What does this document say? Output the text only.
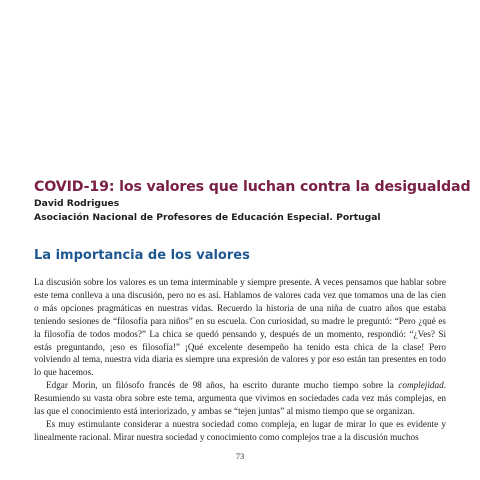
COVID-19: los valores que luchan contra la desigualdad

David Rodrigues

Asociación Nacional de Profesores de Educación Especial. Portugal

La importancia de los valores

La discusión sobre los valores es un tema interminable y siempre presente. A veces pensamos que hablar sobre este tema conlleva a una discusión, pero no es así. Hablamos de valores cada vez que tomamos una de las cien o más opciones pragmáticas en nuestras vidas. Recuerdo la historia de una niña de cuatro años que estaba teniendo sesiones de “filosofía para niños” en su escuela. Con curiosidad, su madre le preguntó: “Pero ¿qué es la filosofía de todos modos?” La chica se quedó pensando y, después de un momento, respondió: “¿Ves? Si estás preguntando, ¡eso es filosofía!” ¡Qué excelente desempeño ha tenido esta chica de la clase! Pero volviendo al tema, nuestra vida diaria es siempre una expresión de valores y por eso están tan presentes en todo lo que hacemos.

Edgar Morin, un filósofo francés de 98 años, ha escrito durante mucho tiempo sobre la complejidad. Resumiendo su vasta obra sobre este tema, argumenta que vivimos en sociedades cada vez más complejas, en las que el conocimiento está interiorizado, y ambas se “tejen juntas” al mismo tiempo que se organizan.

Es muy estimulante considerar a nuestra sociedad como compleja, en lugar de mirar lo que es evidente y linealmente racional. Mirar nuestra sociedad y conocimiento como complejos trae a la discusión muchos

73
